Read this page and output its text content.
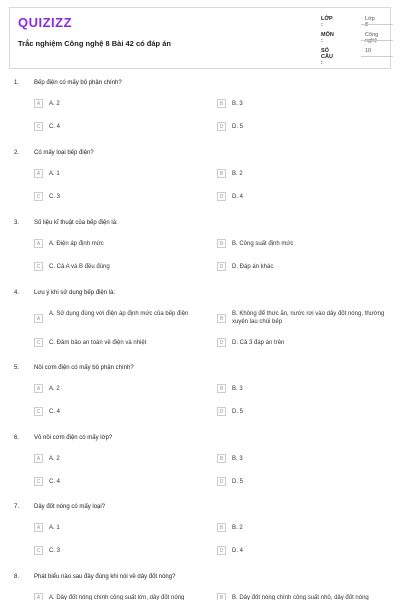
QUIZIZZ
Trắc nghiệm Công nghệ 8 Bài 42 có đáp án
LỚP :
Lớp 8
MÔN :
Công nghệ
SỐ CÂU :
10
1. Bếp điện có mấy bộ phận chính?
A	A. 2	B	B. 3
C	C. 4	D	D. 5
2. Có mấy loại bếp điện?
A	A. 1	B	B. 2
C	C. 3	D	D. 4
3. Số liệu kĩ thuật của bếp điện là:
A	A. Điện áp định mức	B	B. Công suất định mức
C	C. Cả A và B đều đúng	D	D. Đáp án khác
4. Lưu ý khi sử dụng bếp điện là:
A
A. Sử dụng đúng với điện áp định mức của bếp điện
B
B. Không để thức ăn, nước rơi vào dây đốt nóng, thường xuyên lau chùi bếp
C	C. Đảm bảo an toàn về điện và nhiệt	D	D. Cả 3 đáp án trên
5. Nồi cơm điện có mấy bộ phận chính?
A	A. 2	B	B. 3
C	C. 4	D	D. 5
6. Vỏ nồi cơm điện có mấy lớp?
A	A. 2	B	B. 3
C	C. 4	D	D. 5
7. Dây đốt nóng có mấy loại?
A	A. 1	B	B. 2
C	C. 3	D	D. 4
8. Phát biểu nào sau đây đúng khi nói về dây đốt nóng?
A	A. Dây đốt nóng chính công suất lớn, dây đốt nóng	B	B. Dây đốt nóng chính công suất nhỏ, dây đốt nóng
